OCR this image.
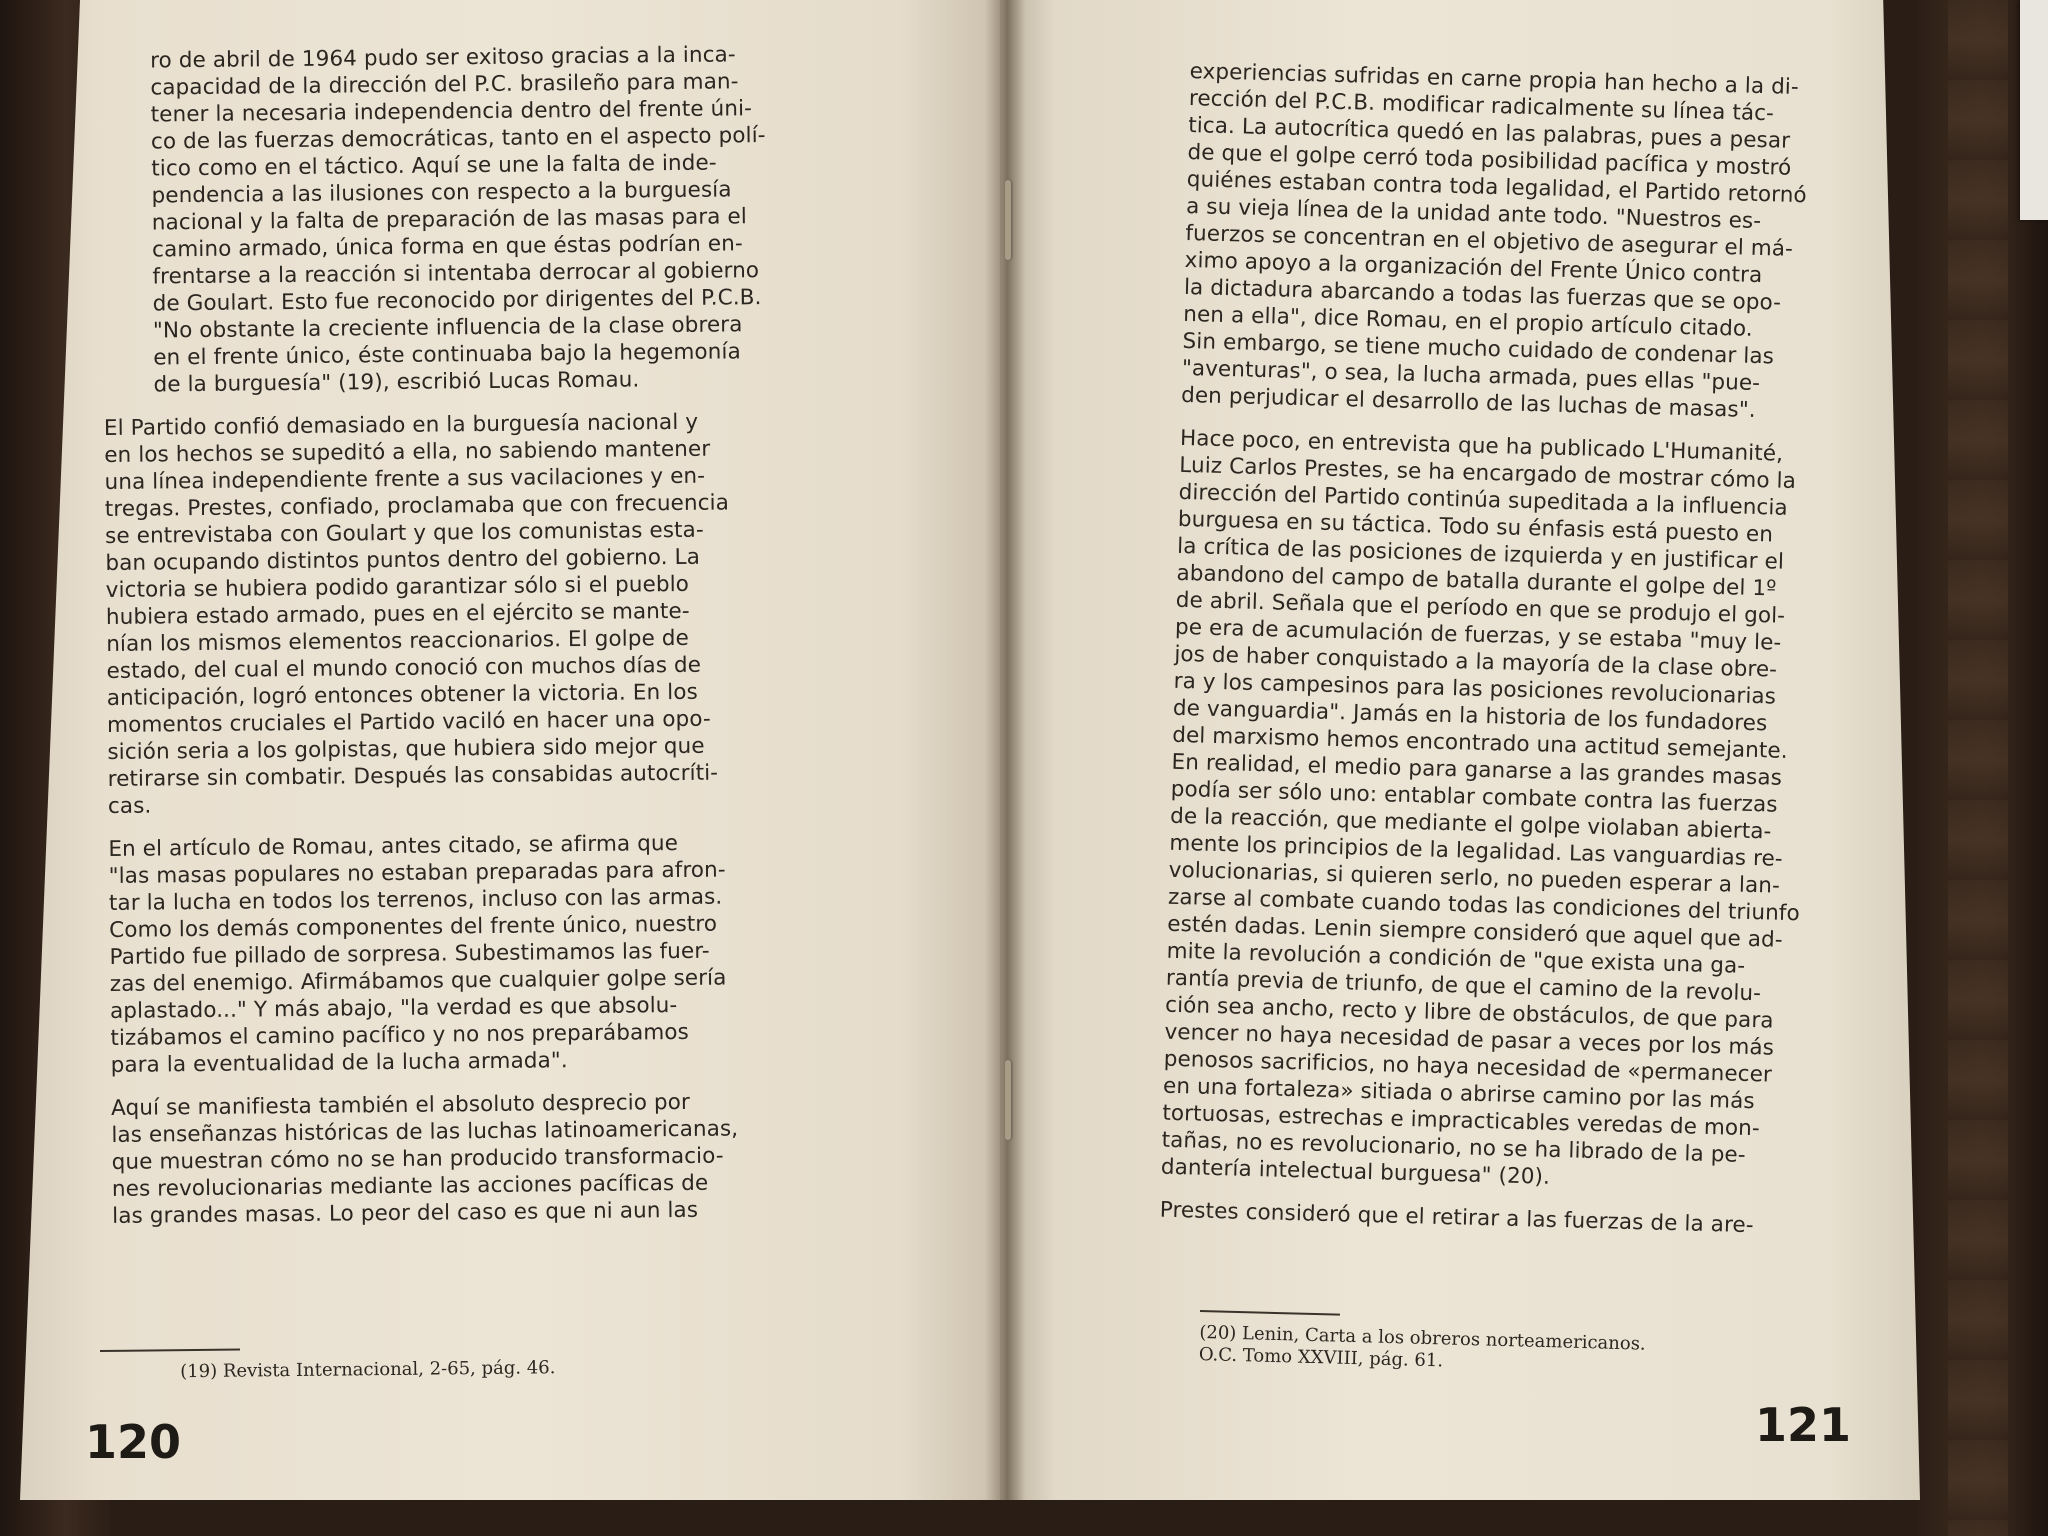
ro de abril de 1964 pudo ser exitoso gracias a la inca-
capacidad de la dirección del P.C. brasileño para man-
tener la necesaria independencia dentro del frente úni-
co de las fuerzas democráticas, tanto en el aspecto polí-
tico como en el táctico. Aquí se une la falta de inde-
pendencia a las ilusiones con respecto a la burguesía
nacional y la falta de preparación de las masas para el
camino armado, única forma en que éstas podrían en-
frentarse a la reacción si intentaba derrocar al gobierno
de Goulart. Esto fue reconocido por dirigentes del P.C.B.
"No obstante la creciente influencia de la clase obrera
en el frente único, éste continuaba bajo la hegemonía
de la burguesía" (19), escribió Lucas Romau.

El Partido confió demasiado en la burguesía nacional y
en los hechos se supeditó a ella, no sabiendo mantener
una línea independiente frente a sus vacilaciones y en-
tregas. Prestes, confiado, proclamaba que con frecuencia
se entrevistaba con Goulart y que los comunistas esta-
ban ocupando distintos puntos dentro del gobierno. La
victoria se hubiera podido garantizar sólo si el pueblo
hubiera estado armado, pues en el ejército se mante-
nían los mismos elementos reaccionarios. El golpe de
estado, del cual el mundo conoció con muchos días de
anticipación, logró entonces obtener la victoria. En los
momentos cruciales el Partido vaciló en hacer una opo-
sición seria a los golpistas, que hubiera sido mejor que
retirarse sin combatir. Después las consabidas autocríti-
cas.

En el artículo de Romau, antes citado, se afirma que
"las masas populares no estaban preparadas para afron-
tar la lucha en todos los terrenos, incluso con las armas.
Como los demás componentes del frente único, nuestro
Partido fue pillado de sorpresa. Subestimamos las fuer-
zas del enemigo. Afirmábamos que cualquier golpe sería
aplastado..." Y más abajo, "la verdad es que absolu-
tizábamos el camino pacífico y no nos preparábamos
para la eventualidad de la lucha armada".

Aquí se manifiesta también el absoluto desprecio por
las enseñanzas históricas de las luchas latinoamericanas,
que muestran cómo no se han producido transformacio-
nes revolucionarias mediante las acciones pacíficas de
las grandes masas. Lo peor del caso es que ni aun las

(19) Revista Internacional, 2-65, pág. 46.
120

experiencias sufridas en carne propia han hecho a la di-
rección del P.C.B. modificar radicalmente su línea tác-
tica. La autocrítica quedó en las palabras, pues a pesar
de que el golpe cerró toda posibilidad pacífica y mostró
quiénes estaban contra toda legalidad, el Partido retornó
a su vieja línea de la unidad ante todo. "Nuestros es-
fuerzos se concentran en el objetivo de asegurar el má-
ximo apoyo a la organización del Frente Único contra
la dictadura abarcando a todas las fuerzas que se opo-
nen a ella", dice Romau, en el propio artículo citado.
Sin embargo, se tiene mucho cuidado de condenar las
"aventuras", o sea, la lucha armada, pues ellas "pue-
den perjudicar el desarrollo de las luchas de masas".

Hace poco, en entrevista que ha publicado L'Humanité,
Luiz Carlos Prestes, se ha encargado de mostrar cómo la
dirección del Partido continúa supeditada a la influencia
burguesa en su táctica. Todo su énfasis está puesto en
la crítica de las posiciones de izquierda y en justificar el
abandono del campo de batalla durante el golpe del 1º
de abril. Señala que el período en que se produjo el gol-
pe era de acumulación de fuerzas, y se estaba "muy le-
jos de haber conquistado a la mayoría de la clase obre-
ra y los campesinos para las posiciones revolucionarias
de vanguardia". Jamás en la historia de los fundadores
del marxismo hemos encontrado una actitud semejante.
En realidad, el medio para ganarse a las grandes masas
podía ser sólo uno: entablar combate contra las fuerzas
de la reacción, que mediante el golpe violaban abierta-
mente los principios de la legalidad. Las vanguardias re-
volucionarias, si quieren serlo, no pueden esperar a lan-
zarse al combate cuando todas las condiciones del triunfo
estén dadas. Lenin siempre consideró que aquel que ad-
mite la revolución a condición de "que exista una ga-
rantía previa de triunfo, de que el camino de la revolu-
ción sea ancho, recto y libre de obstáculos, de que para
vencer no haya necesidad de pasar a veces por los más
penosos sacrificios, no haya necesidad de «permanecer
en una fortaleza» sitiada o abrirse camino por las más
tortuosas, estrechas e impracticables veredas de mon-
tañas, no es revolucionario, no se ha librado de la pe-
dantería intelectual burguesa" (20).

Prestes consideró que el retirar a las fuerzas de la are-

(20) Lenin, Carta a los obreros norteamericanos.
O.C. Tomo XXVIII, pág. 61.
121
